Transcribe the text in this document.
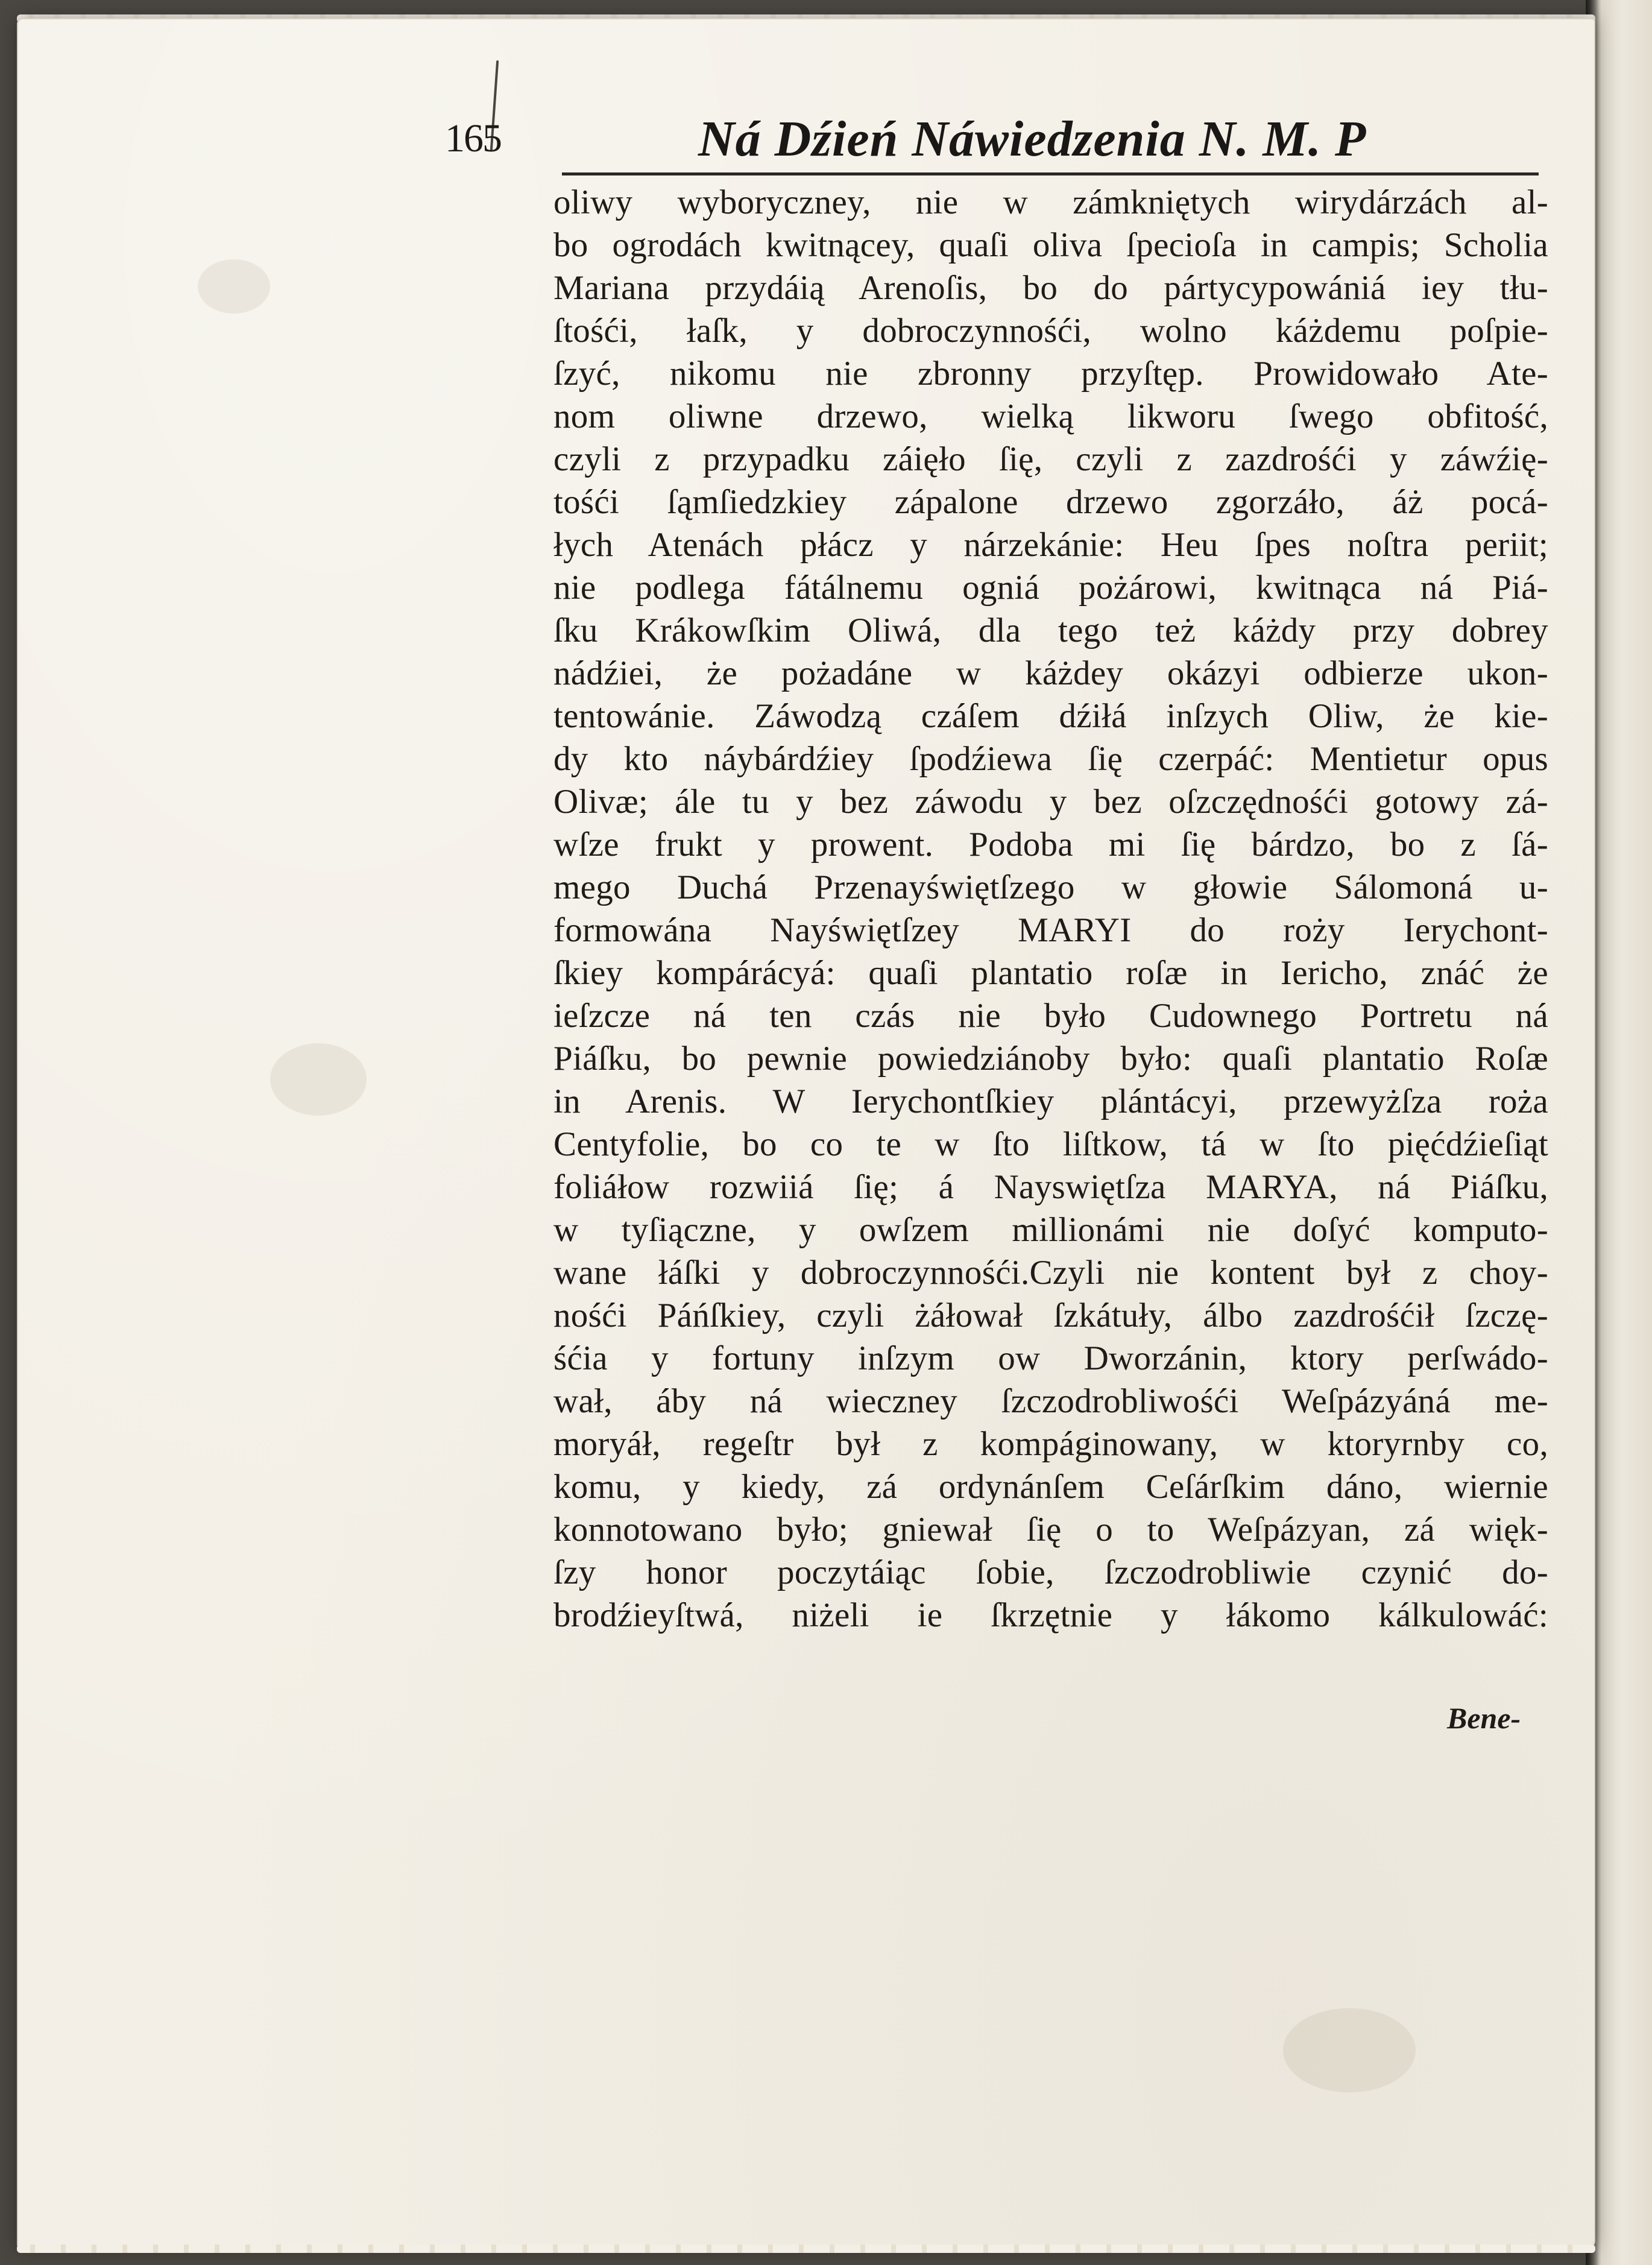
165	Ná Dźień Náwiedzenia N. M. P
oliwy wyboryczney, nie w zámkniętych wirydárzách al-
bo ogrodách kwitnącey, quaſi oliva ſpecioſa in campis; Scholia
Mariana przydáią Arenoſis, bo do pártycypowániá iey tłu-
ſtośći, łaſk, y dobroczynnośći, wolno káżdemu poſpie-
ſzyć, nikomu nie zbronny przyſtęp. Prowidowało Ate-
nom oliwne drzewo, wielką likworu ſwego obfitość,
czyli z przypadku záięło ſię, czyli z zazdrośći y záwźię-
tośći ſąmſiedzkiey zápalone drzewo zgorzáło, áż pocá-
łych Atenách płácz y nárzekánie: Heu ſpes noſtra periit;
nie podlega fátálnemu ogniá pożárowi, kwitnąca ná Piá-
ſku Krákowſkim Oliwá, dla tego też káżdy przy dobrey
nádźiei, że pożadáne w káżdey okázyi odbierze ukon-
tentowánie. Záwodzą czáſem dźiłá inſzych Oliw, że kie-
dy kto náybárdźiey ſpodźiewa ſię czerpáć: Mentietur opus
Olivæ; ále tu y bez záwodu y bez oſzczędnośći gotowy zá-
wſze frukt y prowent. Podoba mi ſię bárdzo, bo z ſá-
mego Duchá Przenayświętſzego w głowie Sálomoná u-
formowána Nayświętſzey MARYI do roży Ierychont-
ſkiey kompárácyá: quaſi plantatio roſæ in Iericho, znáć że
ieſzcze ná ten czás nie było Cudownego Portretu ná
Piáſku, bo pewnie powiedziánoby było: quaſi plantatio Roſæ
in Arenis. W Ierychontſkiey plántácyi, przewyżſza roża
Centyfolie, bo co te w ſto liſtkow, tá w ſto pięćdźieſiąt
foliáłow rozwiiá ſię; á Nayswiętſza MARYA, ná Piáſku,
w tyſiączne, y owſzem millionámi nie doſyć komputo-
wane łáſki y dobroczynnośći.Czyli nie kontent był z choy-
nośći Páńſkiey, czyli żáłował ſzkátuły, álbo zazdrośćił ſzczę-
śćia y fortuny inſzym ow Dworzánin, ktory perſwádo-
wał, áby ná wieczney ſzczodrobliwośći Weſpázyáná me-
moryáł, regeſtr był z kompáginowany, w ktoryrnby co,
komu, y kiedy, zá ordynánſem Ceſárſkim dáno, wiernie
konnotowano było; gniewał ſię o to Weſpázyan, zá więk-
ſzy honor poczytáiąc ſobie, ſzczodrobliwie czynić do-
brodźieyſtwá, niżeli ie ſkrzętnie y łákomo kálkulowáć:
Bene-
